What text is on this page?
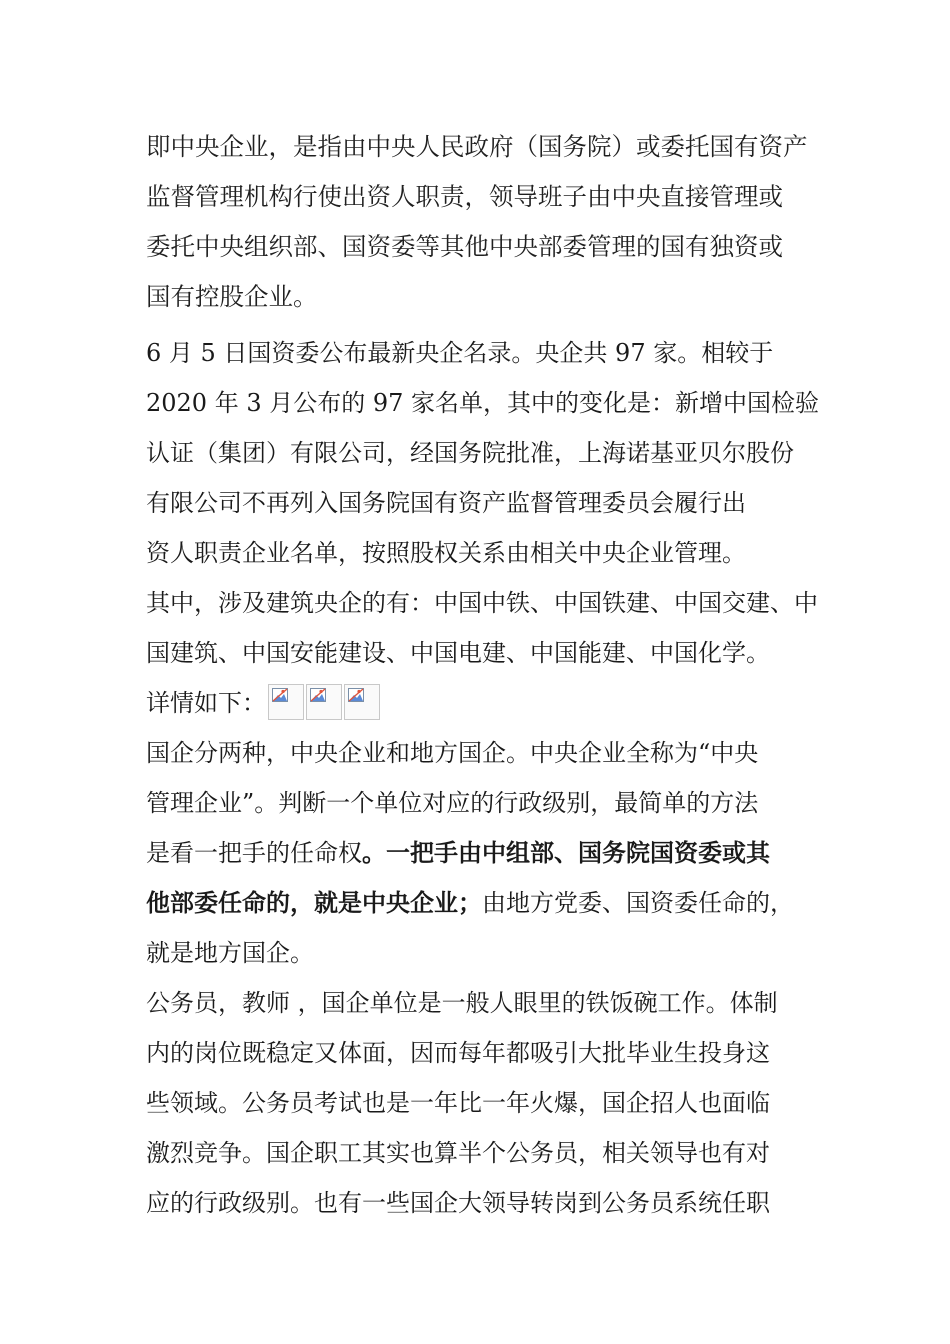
即中央企业，是指由中央人民政府（国务院）或委托国有资产
监督管理机构行使出资人职责，领导班子由中央直接管理或
委托中央组织部、国资委等其他中央部委管理的国有独资或
国有控股企业。
6 月 5 日国资委公布最新央企名录。央企共 97 家。相较于
2020 年 3 月公布的 97 家名单，其中的变化是：新增中国检验
认证（集团）有限公司，经国务院批准，上海诺基亚贝尔股份
有限公司不再列入国务院国有资产监督管理委员会履行出
资人职责企业名单，按照股权关系由相关中央企业管理。
其中，涉及建筑央企的有：中国中铁、中国铁建、中国交建、中
国建筑、中国安能建设、中国电建、中国能建、中国化学。
详情如下：
国企分两种，中央企业和地方国企。中央企业全称为“中央
管理企业”。判断一个单位对应的行政级别，最简单的方法
是看一把手的任命权。一把手由中组部、国务院国资委或其
他部委任命的，就是中央企业；由地方党委、国资委任命的，
就是地方国企。
公务员，教师 ，国企单位是一般人眼里的铁饭碗工作。体制
内的岗位既稳定又体面，因而每年都吸引大批毕业生投身这
些领域。公务员考试也是一年比一年火爆，国企招人也面临
激烈竞争。国企职工其实也算半个公务员，相关领导也有对
应的行政级别。也有一些国企大领导转岗到公务员系统任职
